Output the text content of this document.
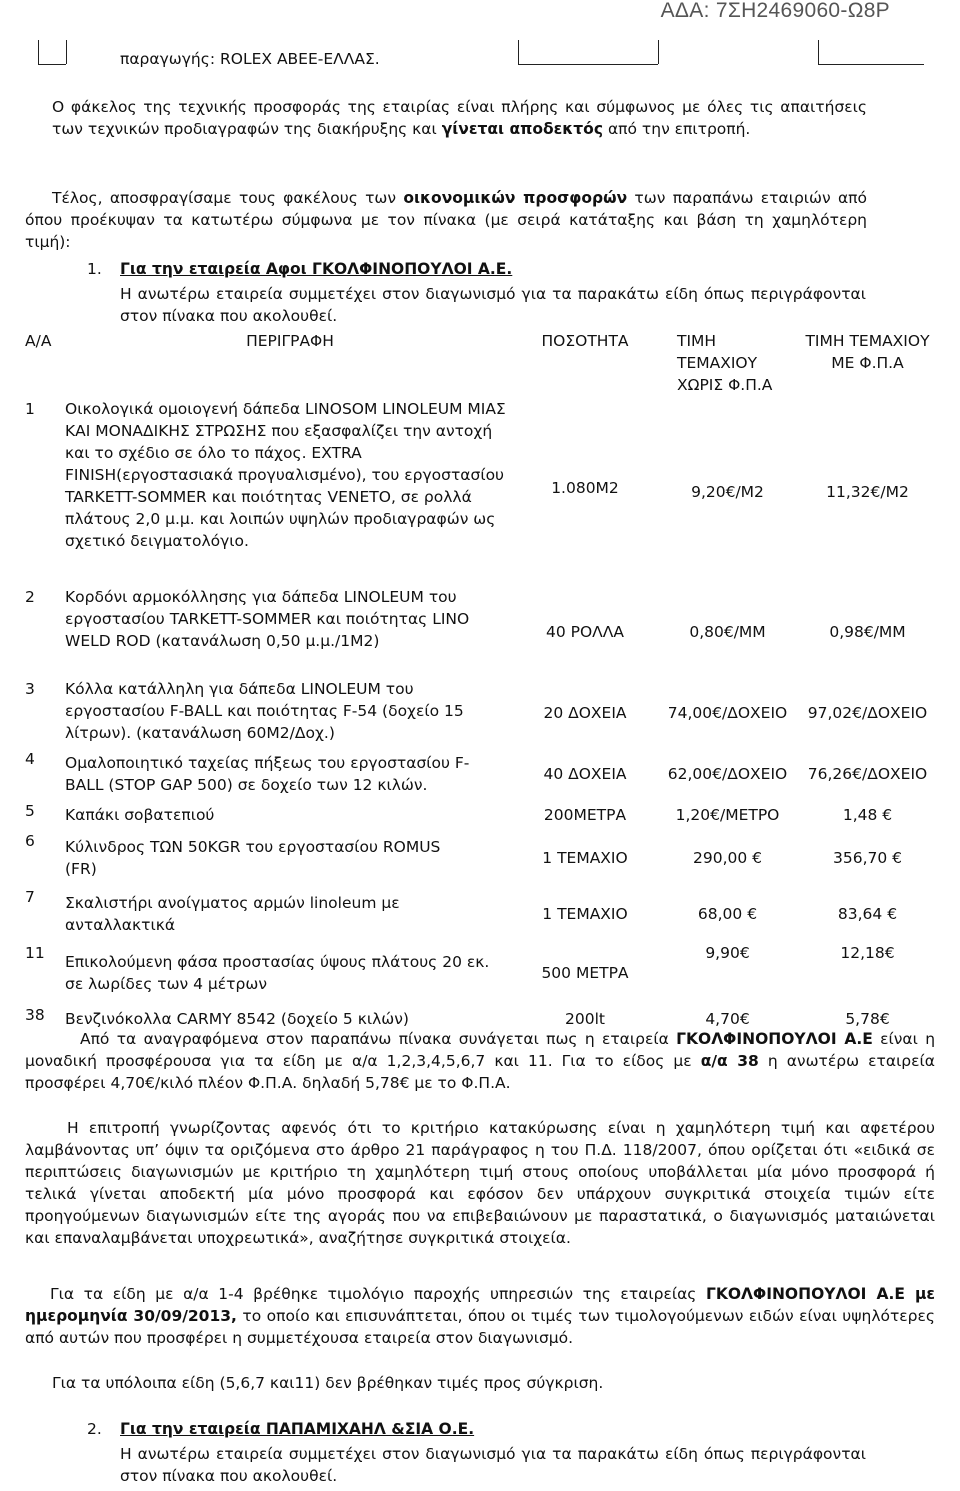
ΑΔΑ: 7ΣΗ2469060-Ω8Ρ
παραγωγής: ROLEX ΑΒΕΕ-ΕΛΛΑΣ.
Ο φάκελος της τεχνικής προσφοράς της εταιρίας είναι πλήρης και σύμφωνος με όλες τις απαιτήσεις των τεχνικών προδιαγραφών της διακήρυξης και γίνεται αποδεκτός από την επιτροπή.
Τέλος, αποσφραγίσαμε τους φακέλους των οικονομικών προσφορών των παραπάνω εταιριών από όπου προέκυψαν τα κατωτέρω σύμφωνα με τον πίνακα (με σειρά κατάταξης και βάση τη χαμηλότερη τιμή):
1. Για την εταιρεία Αφοι ΓΚΟΛΦΙΝΟΠΟΥΛΟΙ Α.Ε.
Η ανωτέρω εταιρεία συμμετέχει στον διαγωνισμό για τα παρακάτω είδη όπως περιγράφονται στον πίνακα που ακολουθεί.
Α/Α	ΠΕΡΙΓΡΑΦΗ	ΠΟΣΟΤΗΤΑ	ΤΙΜΗ ΤΕΜΑΧΙΟΥ ΧΩΡΙΣ Φ.Π.Α	ΤΙΜΗ ΤΕΜΑΧΙΟΥ ΜΕ Φ.Π.Α
1	Οικολογικά ομοιογενή δάπεδα LINOSOM LINOLEUM ΜΙΑΣ ΚΑΙ ΜΟΝΑΔΙΚΗΣ ΣΤΡΩΣΗΣ που εξασφαλίζει την αντοχή και το σχέδιο σε όλο το πάχος. EXTRA FINISH(εργοστασιακά προγυαλισμένο), του εργοστασίου TARKETT-SOMMER και ποιότητας VENETO, σε ρολλά πλάτους 2,0 μ.μ. και λοιπών υψηλών προδιαγραφών ως σχετικό δειγματολόγιο.	1.080Μ2	9,20€/Μ2	11,32€/Μ2
2	Κορδόνι αρμοκόλλησης για δάπεδα LINOLEUM του εργοστασίου TARKETT-SOMMER και ποιότητας LINO WELD ROD (κατανάλωση 0,50 μ.μ./1Μ2)	40 ΡΟΛΛΑ	0,80€/ΜΜ	0,98€/ΜΜ
3	Κόλλα κατάλληλη για δάπεδα LINOLEUM του εργοστασίου F-BALL και ποιότητας F-54 (δοχείο 15 λίτρων). (κατανάλωση 60Μ2/Δοχ.)	20 ΔΟΧΕΙΑ	74,00€/ΔΟΧΕΙΟ	97,02€/ΔΟΧΕΙΟ
4	Ομαλοποιητικό ταχείας πήξεως του εργοστασίου F-BALL (STOP GAP 500) σε δοχείο των 12 κιλών.	40 ΔΟΧΕΙΑ	62,00€/ΔΟΧΕΙΟ	76,26€/ΔΟΧΕΙΟ
5	Καπάκι σοβατεπιού	200ΜΕΤΡΑ	1,20€/ΜΕΤΡΟ	1,48 €
6	Κύλινδρος ΤΩΝ 50KGR του εργοστασίου ROMUS (FR)	1 ΤΕΜΑΧΙΟ	290,00 €	356,70 €
7	Σκαλιστήρι ανοίγματος αρμών linoleum με ανταλλακτικά	1 ΤΕΜΑΧΙΟ	68,00 €	83,64 €
11	Επικολούμενη φάσα προστασίας ύψους πλάτους 20 εκ. σε λωρίδες των 4 μέτρων	500 ΜΕΤΡΑ	9,90€	12,18€
38	Βενζινόκολλα CARMY 8542 (δοχείο 5 κιλών)	200lt	4,70€	5,78€
Από τα αναγραφόμενα στον παραπάνω πίνακα συνάγεται πως η εταιρεία ΓΚΟΛΦΙΝΟΠΟΥΛΟΙ Α.Ε είναι η μοναδική προσφέρουσα για τα είδη με α/α 1,2,3,4,5,6,7 και 11. Για το είδος με α/α 38 η ανωτέρω εταιρεία προσφέρει 4,70€/κιλό πλέον Φ.Π.Α. δηλαδή 5,78€ με το Φ.Π.Α.
Η επιτροπή γνωρίζοντας αφενός ότι το κριτήριο κατακύρωσης είναι η χαμηλότερη τιμή και αφετέρου λαμβάνοντας υπ’ όψιν τα οριζόμενα στο άρθρο 21 παράγραφος η του Π.Δ. 118/2007, όπου ορίζεται ότι «ειδικά σε περιπτώσεις διαγωνισμών με κριτήριο τη χαμηλότερη τιμή στους οποίους υποβάλλεται μία μόνο προσφορά ή τελικά γίνεται αποδεκτή μία μόνο προσφορά και εφόσον δεν υπάρχουν συγκριτικά στοιχεία τιμών είτε προηγούμενων διαγωνισμών είτε της αγοράς που να επιβεβαιώνουν με παραστατικά, ο διαγωνισμός ματαιώνεται και επαναλαμβάνεται υποχρεωτικά», αναζήτησε συγκριτικά στοιχεία.
Για τα είδη με α/α 1-4 βρέθηκε τιμολόγιο παροχής υπηρεσιών της εταιρείας ΓΚΟΛΦΙΝΟΠΟΥΛΟΙ Α.Ε με ημερομηνία 30/09/2013, το οποίο και επισυνάπτεται, όπου οι τιμές των τιμολογούμενων ειδών είναι υψηλότερες από αυτών που προσφέρει η συμμετέχουσα εταιρεία στον διαγωνισμό.
Για τα υπόλοιπα είδη (5,6,7 και11) δεν βρέθηκαν τιμές προς σύγκριση.
2. Για την εταιρεία ΠΑΠΑΜΙΧΑΗΛ &ΣΙΑ Ο.Ε.
Η ανωτέρω εταιρεία συμμετέχει στον διαγωνισμό για τα παρακάτω είδη όπως περιγράφονται στον πίνακα που ακολουθεί.
